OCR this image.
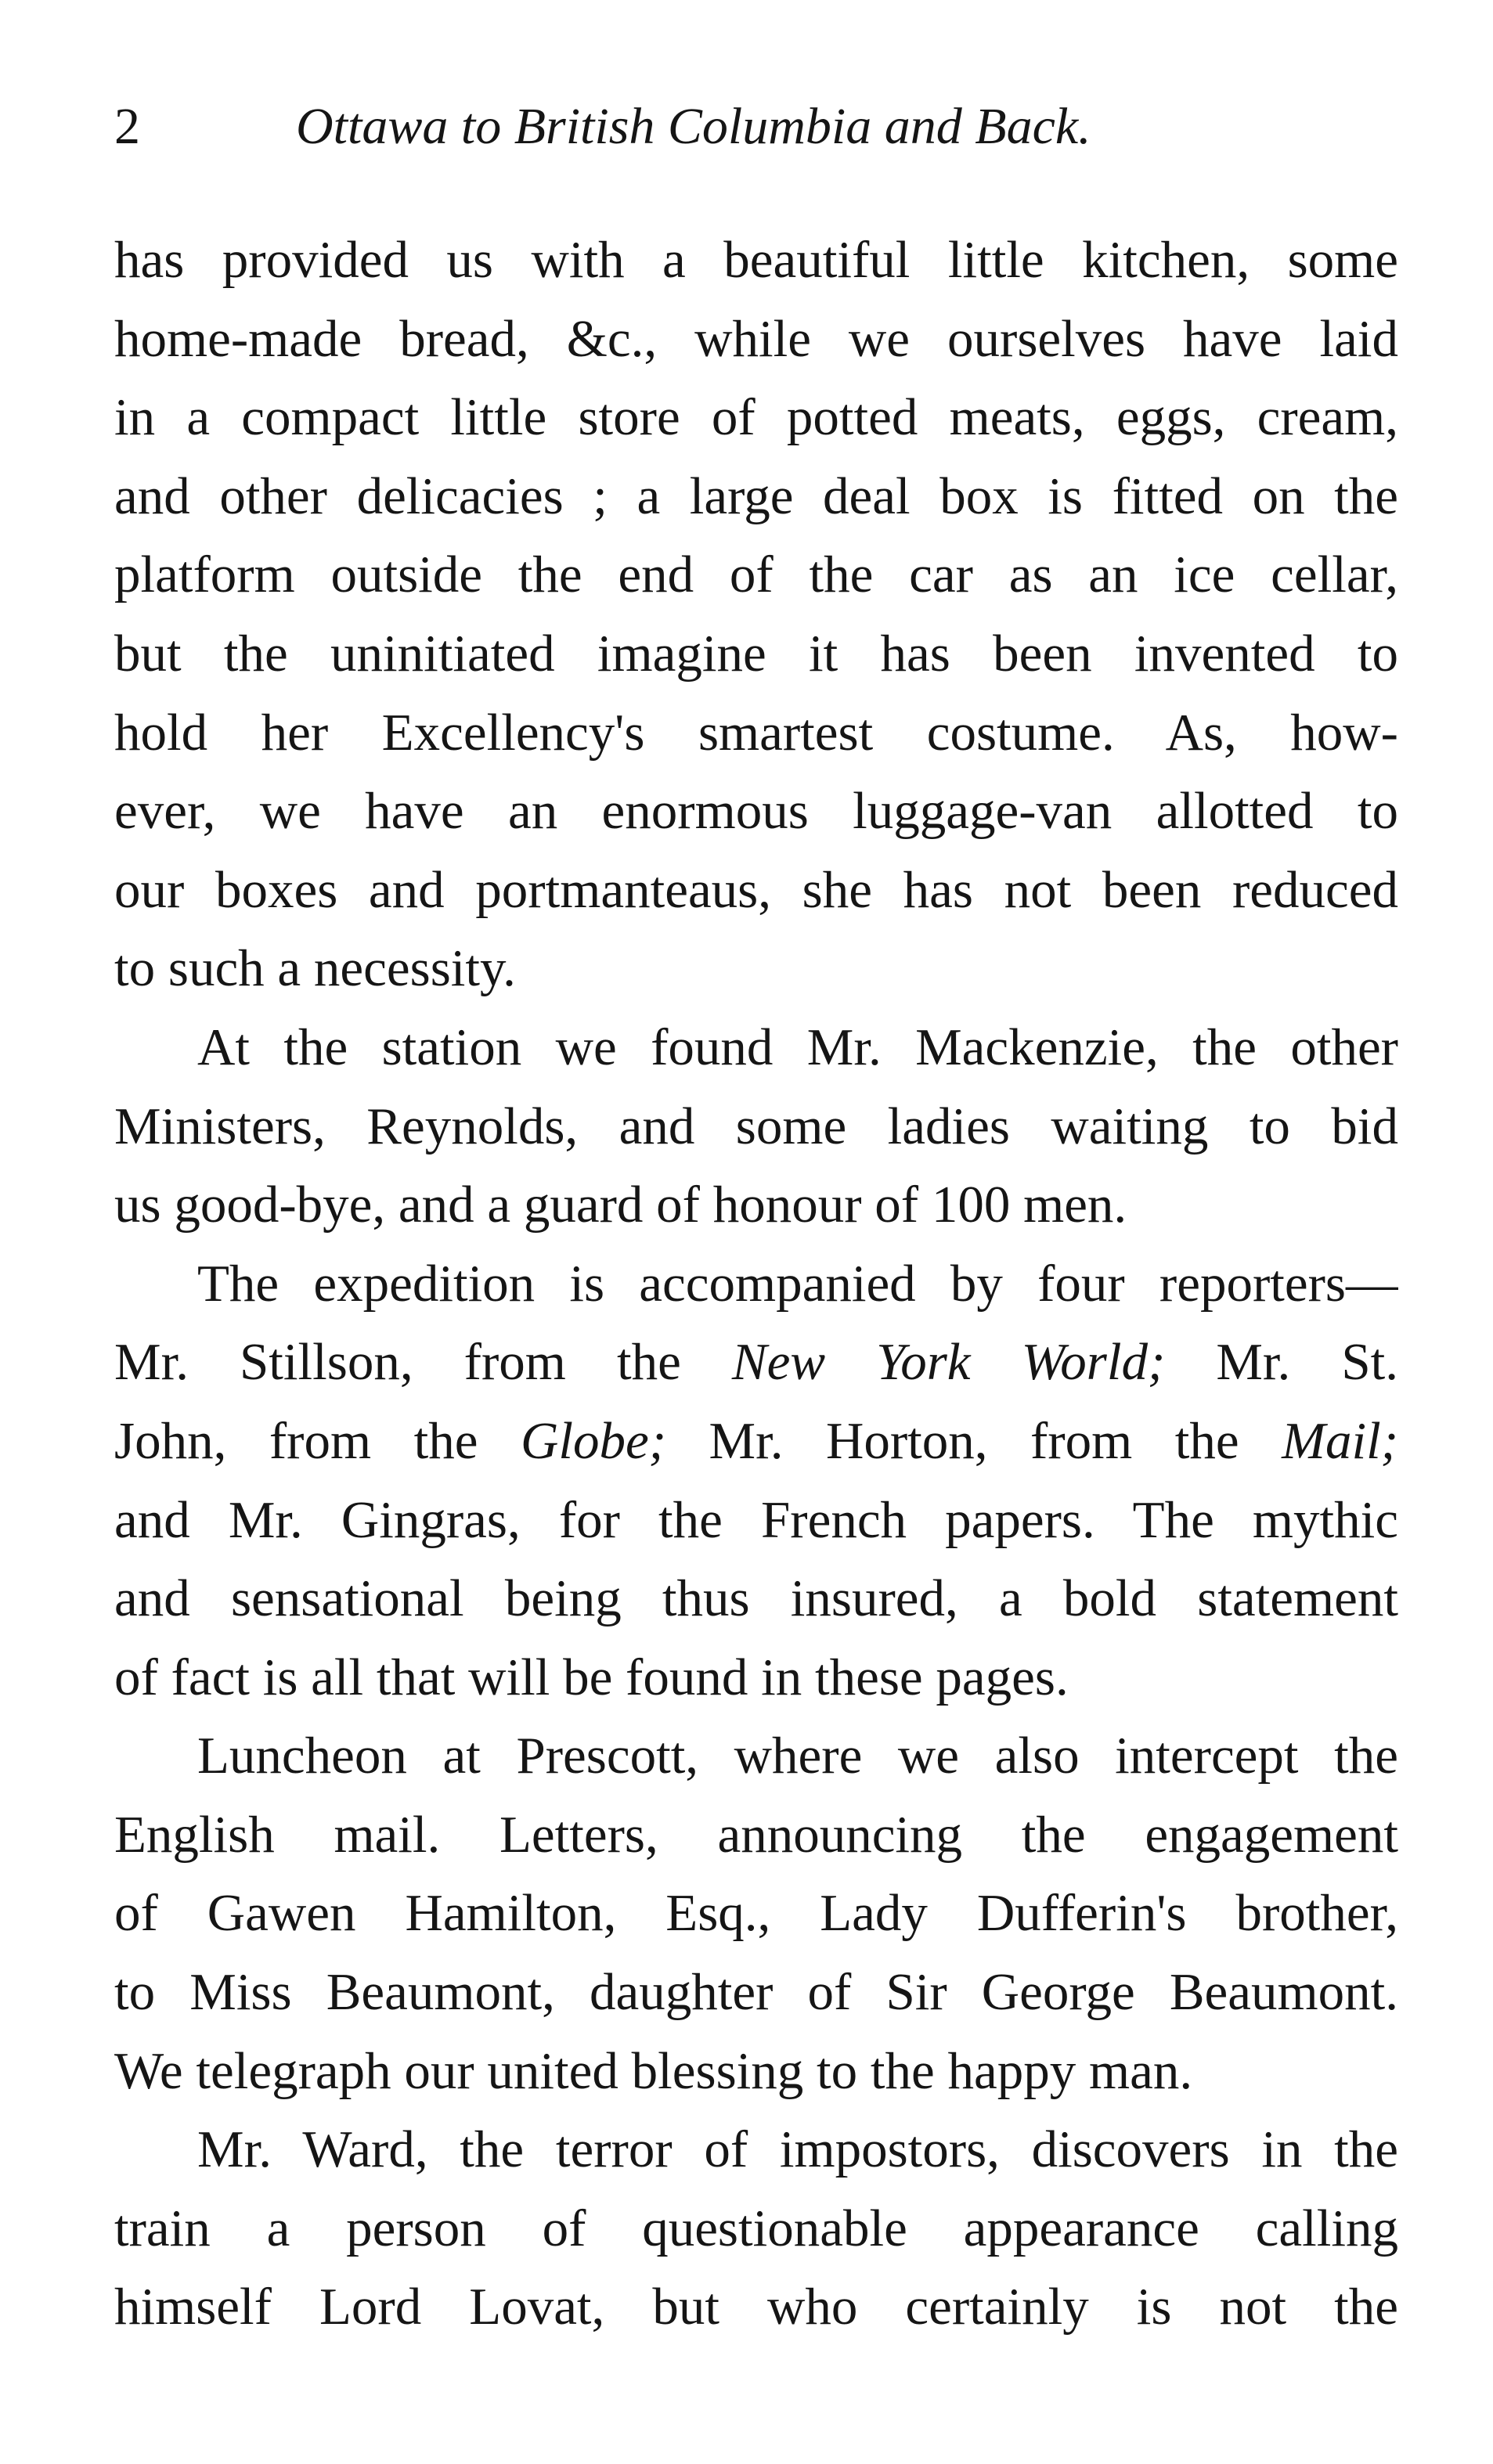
2	Ottawa to British Columbia and Back.
has provided us with a beautiful little kitchen, some
home-made bread, &c., while we ourselves have laid
in a compact little store of potted meats, eggs, cream,
and other delicacies ; a large deal box is fitted on the
platform outside the end of the car as an ice cellar,
but the uninitiated imagine it has been invented to
hold her Excellency's smartest costume. As, how-
ever, we have an enormous luggage-van allotted to
our boxes and portmanteaus, she has not been reduced
to such a necessity.
At the station we found Mr. Mackenzie, the other
Ministers, Reynolds, and some ladies waiting to bid
us good-bye, and a guard of honour of 100 men.
The expedition is accompanied by four reporters—
Mr. Stillson, from the New York World; Mr. St.
John, from the Globe; Mr. Horton, from the Mail;
and Mr. Gingras, for the French papers. The mythic
and sensational being thus insured, a bold statement
of fact is all that will be found in these pages.
Luncheon at Prescott, where we also intercept the
English mail. Letters, announcing the engagement
of Gawen Hamilton, Esq., Lady Dufferin's brother,
to Miss Beaumont, daughter of Sir George Beaumont.
We telegraph our united blessing to the happy man.
Mr. Ward, the terror of impostors, discovers in the
train a person of questionable appearance calling
himself Lord Lovat, but who certainly is not the
